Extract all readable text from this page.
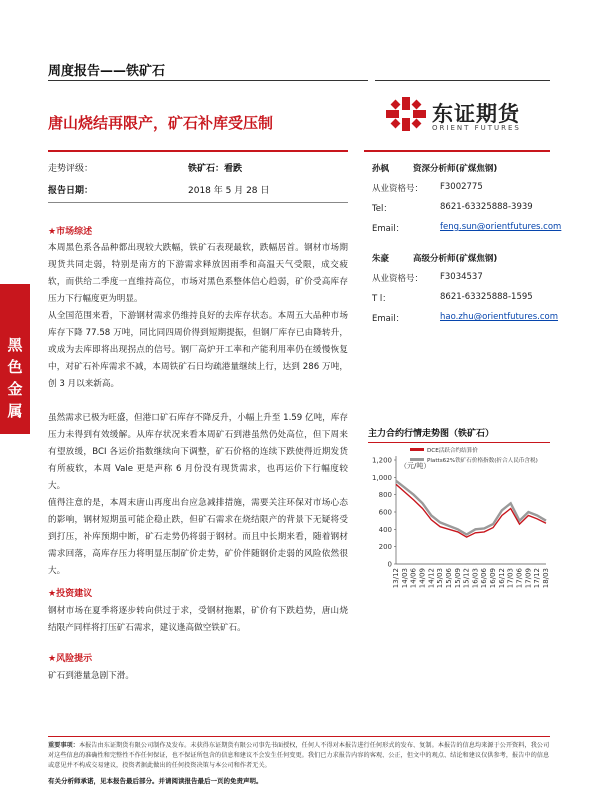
周度报告——铁矿石
东证期货
ORIENT FUTURES
唐山烧结再限产，矿石补库受压制
走势评级：	铁矿石：看跌
报告日期：	2018 年 5 月 28 日
孙枫	资深分析师(矿煤焦钢)
从业资格号：	F3002775
Tel：	8621-63325888-3939
Email：	feng.sun@orientfutures.com
朱豪	高级分析师(矿煤焦钢)
从业资格号：	F3034537
T l：	8621-63325888-1595
Email：	hao.zhu@orientfutures.com
黑色金属
★市场综述
本周黑色系各品种都出现较大跌幅，铁矿石表现最软，跌幅居首。钢材市场期现货共同走弱，特别是南方的下游需求释放因雨季和高温天气受限，成交疲软，而供给二季度一直维持高位，市场对黑色系整体信心趋弱，矿价受高库存压力下行幅度更为明显。
从全国范围来看，下游钢材需求仍维持良好的去库存状态。本周五大品种市场库存下降 77.58 万吨，同比同四周价得到短期提振，但钢厂库存已由降转升，或成为去库即将出现拐点的信号。钢厂高炉开工率和产能利用率仍在缓慢恢复中，对矿石补库需求不减，本周铁矿石日均疏港量继续上行，达到 286 万吨，创 3 月以来新高。
虽然需求已极为旺盛，但港口矿石库存不降反升，小幅上升至 1.59 亿吨，库存压力未得到有效缓解。从库存状况来看本周矿石到港虽然仍处高位，但下周来有望放缓，BCI 各运价指数继续向下调整，矿石价格的连续下跌使得近期发货有所疲软，本周 Vale 更是声称 6 月份没有现货需求，也再运价下行幅度较大。
值得注意的是，本周末唐山再度出台应急减排措施，需要关注环保对市场心态的影响，钢材短期虽可能企稳止跌，但矿石需求在烧结限产的背景下无疑将受到打压，补库预期中断，矿石走势仍将弱于钢材。而且中长期来看，随着钢材需求回落，高库存压力将明显压制矿价走势，矿价伴随钢价走弱的风险依然很大。
★投资建议
钢材市场在夏季将逐步转向供过于求，受钢材拖累，矿价有下跌趋势，唐山烧结限产同样将打压矿石需求，建议逢高做空铁矿石。
★风险提示
矿石到港量急剧下滑。
主力合约行情走势图（铁矿石）
0
200
400
600
800
1,000
1,200
（元/吨）
13/12 14/03 14/06 14/09 14/12 15/03 15/06 15/09 15/12 16/03 16/06 16/09 16/12 17/03 17/06 17/09 17/12 18/03
DCE活跃合约结算价
Platts62%铁矿石价格指数(折合人民币含税)
重要事项：本报告由东证期货有限公司制作及发布。未获得东证期货有限公司事先书面授权，任何人不得对本报告进行任何形式的发布、复制。本报告的信息均来源于公开资料，我公司对这些信息的准确性和完整性不作任何保证，也不保证所包含的信息和建议不会发生任何变更。我们已力求报告内容的客观、公正，但文中的观点、结论和建议仅供参考，报告中的信息或意见并不构成交易建议，投资者据此做出的任何投资决策与本公司和作者无关。
有关分析师承诺，见本报告最后部分。并请阅读报告最后一页的免责声明。
